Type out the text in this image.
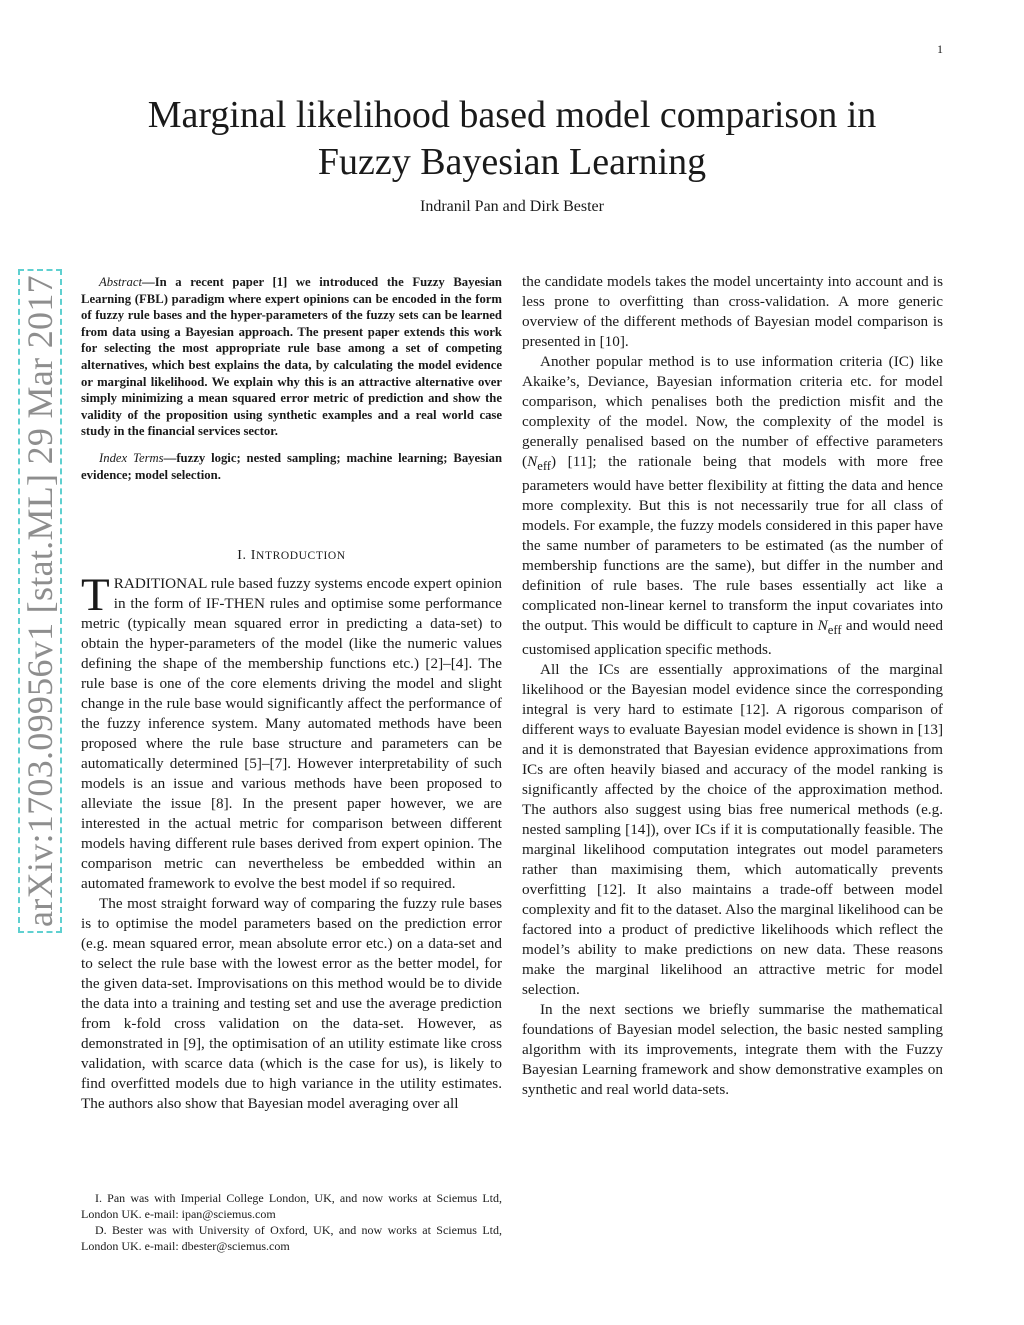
1
arXiv:1703.09956v1 [stat.ML] 29 Mar 2017
Marginal likelihood based model comparison in
Fuzzy Bayesian Learning
Indranil Pan and Dirk Bester

Abstract—In a recent paper [1] we introduced the Fuzzy Bayesian Learning (FBL) paradigm where expert opinions can be encoded in the form of fuzzy rule bases and the hyper-parameters of the fuzzy sets can be learned from data using a Bayesian approach. The present paper extends this work for selecting the most appropriate rule base among a set of competing alternatives, which best explains the data, by calculating the model evidence or marginal likelihood. We explain why this is an attractive alternative over simply minimizing a mean squared error metric of prediction and show the validity of the proposition using synthetic examples and a real world case study in the financial services sector.

Index Terms—fuzzy logic; nested sampling; machine learning; Bayesian evidence; model selection.

I. INTRODUCTION

TRADITIONAL rule based fuzzy systems encode expert opinion in the form of IF-THEN rules and optimise some performance metric (typically mean squared error in predicting a data-set) to obtain the hyper-parameters of the model (like the numeric values defining the shape of the membership functions etc.) [2]–[4]. The rule base is one of the core elements driving the model and slight change in the rule base would significantly affect the performance of the fuzzy inference system. Many automated methods have been proposed where the rule base structure and parameters can be automatically determined [5]–[7]. However interpretability of such models is an issue and various methods have been proposed to alleviate the issue [8]. In the present paper however, we are interested in the actual metric for comparison between different models having different rule bases derived from expert opinion. The comparison metric can nevertheless be embedded within an automated framework to evolve the best model if so required.

The most straight forward way of comparing the fuzzy rule bases is to optimise the model parameters based on the prediction error (e.g. mean squared error, mean absolute error etc.) on a data-set and to select the rule base with the lowest error as the better model, for the given data-set. Improvisations on this method would be to divide the data into a training and testing set and use the average prediction from k-fold cross validation on the data-set. However, as demonstrated in [9], the optimisation of an utility estimate like cross validation, with scarce data (which is the case for us), is likely to find overfitted models due to high variance in the utility estimates. The authors also show that Bayesian model averaging over all

the candidate models takes the model uncertainty into account and is less prone to overfitting than cross-validation. A more generic overview of the different methods of Bayesian model comparison is presented in [10].

Another popular method is to use information criteria (IC) like Akaike’s, Deviance, Bayesian information criteria etc. for model comparison, which penalises both the prediction misfit and the complexity of the model. Now, the complexity of the model is generally penalised based on the number of effective parameters $(N_{eff})$ [11]; the rationale being that models with more free parameters would have better flexibility at fitting the data and hence more complexity. But this is not necessarily true for all class of models. For example, the fuzzy models considered in this paper have the same number of parameters to be estimated (as the number of membership functions are the same), but differ in the number and definition of rule bases. The rule bases essentially act like a complicated non-linear kernel to transform the input covariates into the output. This would be difficult to capture in $N_{eff}$ and would need customised application specific methods.

All the ICs are essentially approximations of the marginal likelihood or the Bayesian model evidence since the corresponding integral is very hard to estimate [12]. A rigorous comparison of different ways to evaluate Bayesian model evidence is shown in [13] and it is demonstrated that Bayesian evidence approximations from ICs are often heavily biased and accuracy of the model ranking is significantly affected by the choice of the approximation method. The authors also suggest using bias free numerical methods (e.g. nested sampling [14]), over ICs if it is computationally feasible. The marginal likelihood computation integrates out model parameters rather than maximising them, which automatically prevents overfitting [12]. It also maintains a trade-off between model complexity and fit to the dataset. Also the marginal likelihood can be factored into a product of predictive likelihoods which reflect the model’s ability to make predictions on new data. These reasons make the marginal likelihood an attractive metric for model selection.

In the next sections we briefly summarise the mathematical foundations of Bayesian model selection, the basic nested sampling algorithm with its improvements, integrate them with the Fuzzy Bayesian Learning framework and show demonstrative examples on synthetic and real world data-sets.

I. Pan was with Imperial College London, UK, and now works at Sciemus Ltd, London UK. e-mail: ipan@sciemus.com

D. Bester was with University of Oxford, UK, and now works at Sciemus Ltd, London UK. e-mail: dbester@sciemus.com
